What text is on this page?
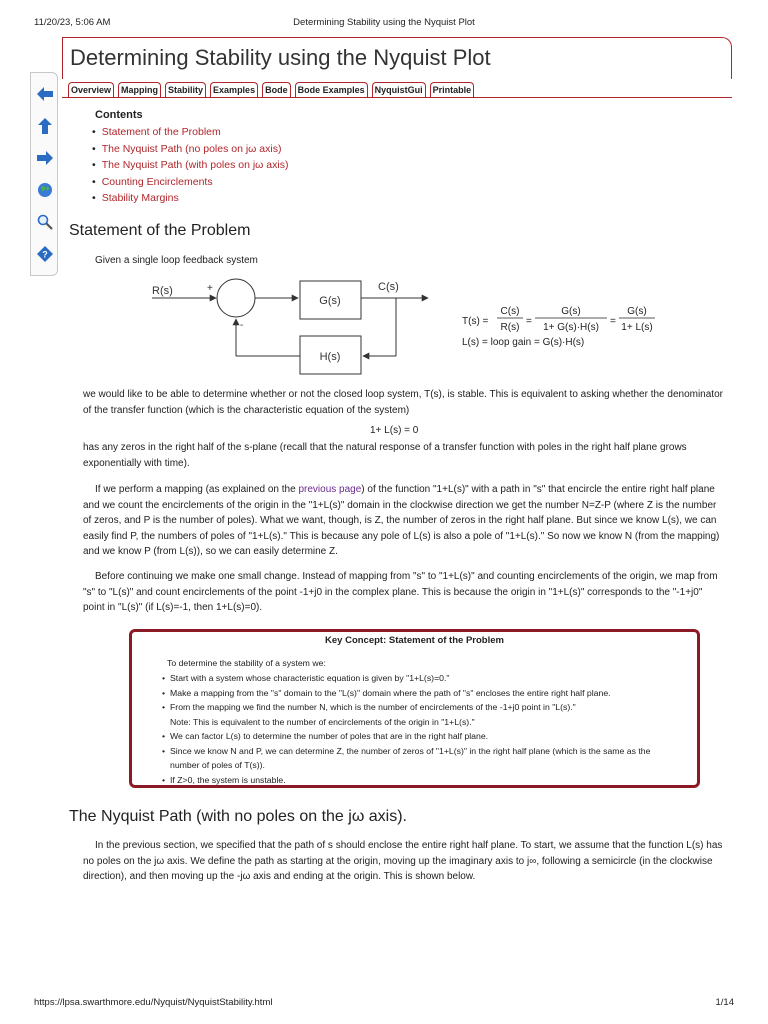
11/20/23, 5:06 AM	Determining Stability using the Nyquist Plot
?
Determining Stability using the Nyquist Plot
Overview Mapping Stability Examples Bode Bode Examples NyquistGui Printable
Contents
• Statement of the Problem
• The Nyquist Path (no poles on jω axis)
• The Nyquist Path (with poles on jω axis)
• Counting Encirclements
• Stability Margins
Statement of the Problem
Given a single loop feedback system
R(s)	+
-
G(s)
C(s)
H(s)
T(s) =
C(s)
R(s)
=
G(s)
1+ G(s)·H(s)
=
G(s)
1+ L(s)
L(s) = loop gain = G(s)·H(s)
we would like to be able to determine whether or not the closed loop system, T(s), is stable. This is equivalent to asking whether the denominator of the transfer function (which is the characteristic equation of the system)
1+ L(s) = 0
has any zeros in the right half of the s-plane (recall that the natural response of a transfer function with poles in the right half plane grows exponentially with time).
If we perform a mapping (as explained on the previous page) of the function "1+L(s)" with a path in "s" that encircle the entire right half plane and we count the encirclements of the origin in the "1+L(s)" domain in the clockwise direction we get the number N=Z-P (where Z is the number of zeros, and P is the number of poles). What we want, though, is Z, the number of zeros in the right half plane. But since we know L(s), we can easily find P, the numbers of poles of "1+L(s)." This is because any pole of L(s) is also a pole of "1+L(s)." So now we know N (from the mapping) and we know P (from L(s)), so we can easily determine Z.
Before continuing we make one small change. Instead of mapping from "s" to "1+L(s)" and counting encirclements of the origin, we map from "s" to "L(s)" and count encirclements of the point -1+j0 in the complex plane. This is because the origin in "1+L(s)" corresponds to the "-1+j0" point in "L(s)" (if L(s)=-1, then 1+L(s)=0).
Key Concept: Statement of the Problem
To determine the stability of a system we:
• Start with a system whose characteristic equation is given by "1+L(s)=0."
• Make a mapping from the "s" domain to the "L(s)" domain where the path of "s" encloses the entire right half plane.
• From the mapping we find the number N, which is the number of encirclements of the -1+j0 point in "L(s)."
Note: This is equivalent to the number of encirclements of the origin in "1+L(s)."
• We can factor L(s) to determine the number of poles that are in the right half plane.
• Since we know N and P, we can determine Z, the number of zeros of "1+L(s)" in the right half plane (which is the same as the number of poles of T(s)).
• If Z>0, the system is unstable.
The Nyquist Path (with no poles on the jω axis).
In the previous section, we specified that the path of s should enclose the entire right half plane. To start, we assume that the function L(s) has no poles on the jω axis. We define the path as starting at the origin, moving up the imaginary axis to j∞, following a semicircle (in the clockwise direction), and then moving up the -jω axis and ending at the origin. This is shown below.
https://lpsa.swarthmore.edu/Nyquist/NyquistStability.html	1/14
